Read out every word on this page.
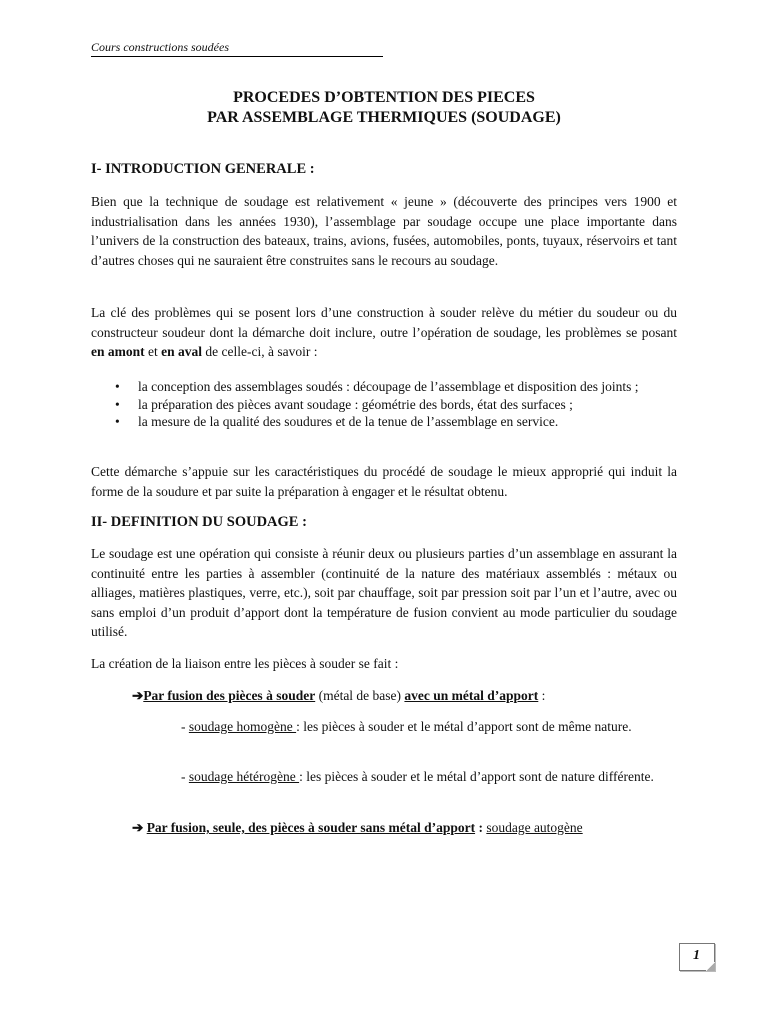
Cours constructions soudées
PROCEDES D’OBTENTION DES PIECES
PAR ASSEMBLAGE THERMIQUES (SOUDAGE)
I- INTRODUCTION GENERALE :
Bien que la technique de soudage est relativement « jeune » (découverte des principes vers 1900 et industrialisation dans les années 1930), l’assemblage par soudage occupe une place importante dans l’univers de la construction des bateaux, trains, avions, fusées, automobiles, ponts, tuyaux, réservoirs et tant d’autres choses qui ne sauraient être construites sans le recours au soudage.
La clé des problèmes qui se posent lors d’une construction à souder relève du métier du soudeur ou du constructeur soudeur dont la démarche doit inclure, outre l’opération de soudage, les problèmes se posant en amont et en aval de celle-ci, à savoir :
• la conception des assemblages soudés : découpage de l’assemblage et disposition des joints ;
• la préparation des pièces avant soudage : géométrie des bords, état des surfaces ;
• la mesure de la qualité des soudures et de la tenue de l’assemblage en service.
Cette démarche s’appuie sur les caractéristiques du procédé de soudage le mieux approprié qui induit la forme de la soudure et par suite la préparation à engager et le résultat obtenu.
II- DEFINITION DU SOUDAGE :
Le soudage est une opération qui consiste à réunir deux ou plusieurs parties d’un assemblage en assurant la continuité entre les parties à assembler (continuité de la nature des matériaux assemblés : métaux ou alliages, matières plastiques, verre, etc.), soit par chauffage, soit par pression soit par l’un et l’autre, avec ou sans emploi d’un produit d’apport dont la température de fusion convient au mode particulier du soudage utilisé.
La création de la liaison entre les pièces à souder se fait :
➔Par fusion des pièces à souder (métal de base) avec un métal d’apport :
- soudage homogène : les pièces à souder et le métal d’apport sont de même nature.
- soudage hétérogène : les pièces à souder et le métal d’apport sont de nature différente.
➔ Par fusion, seule, des pièces à souder sans métal d’apport : soudage autogène
1
